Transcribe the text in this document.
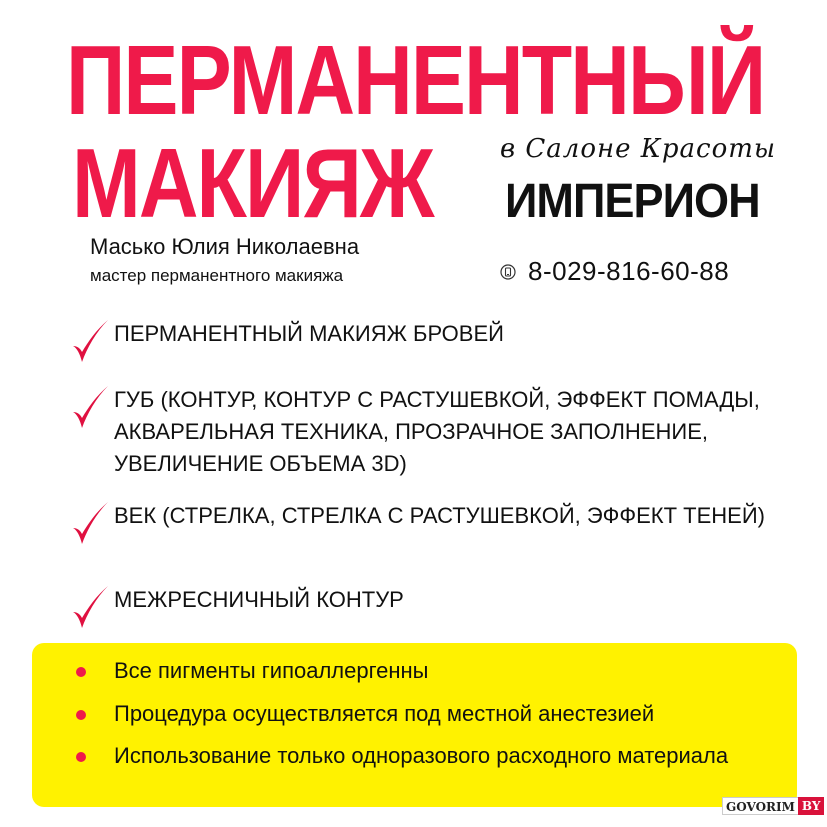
ПЕРМАНЕНТНЫЙ
МАКИЯЖ	в Салоне Красоты
ИМПЕРИОН
Масько Юлия Николаевна
мастер перманентного макияжа	8-029-816-60-88
ПЕРМАНЕНТНЫЙ МАКИЯЖ БРОВЕЙ
ГУБ (КОНТУР, КОНТУР С РАСТУШЕВКОЙ, ЭФФЕКТ ПОМАДЫ, АКВАРЕЛЬНАЯ ТЕХНИКА, ПРОЗРАЧНОЕ ЗАПОЛНЕНИЕ, УВЕЛИЧЕНИЕ ОБЪЕМА 3D)
ВЕК (СТРЕЛКА, СТРЕЛКА С РАСТУШЕВКОЙ, ЭФФЕКТ ТЕНЕЙ)
МЕЖРЕСНИЧНЫЙ КОНТУР
Все пигменты гипоаллергенны
Процедура осуществляется под местной анестезией
Использование только одноразового расходного материала
GOVORIM BY
